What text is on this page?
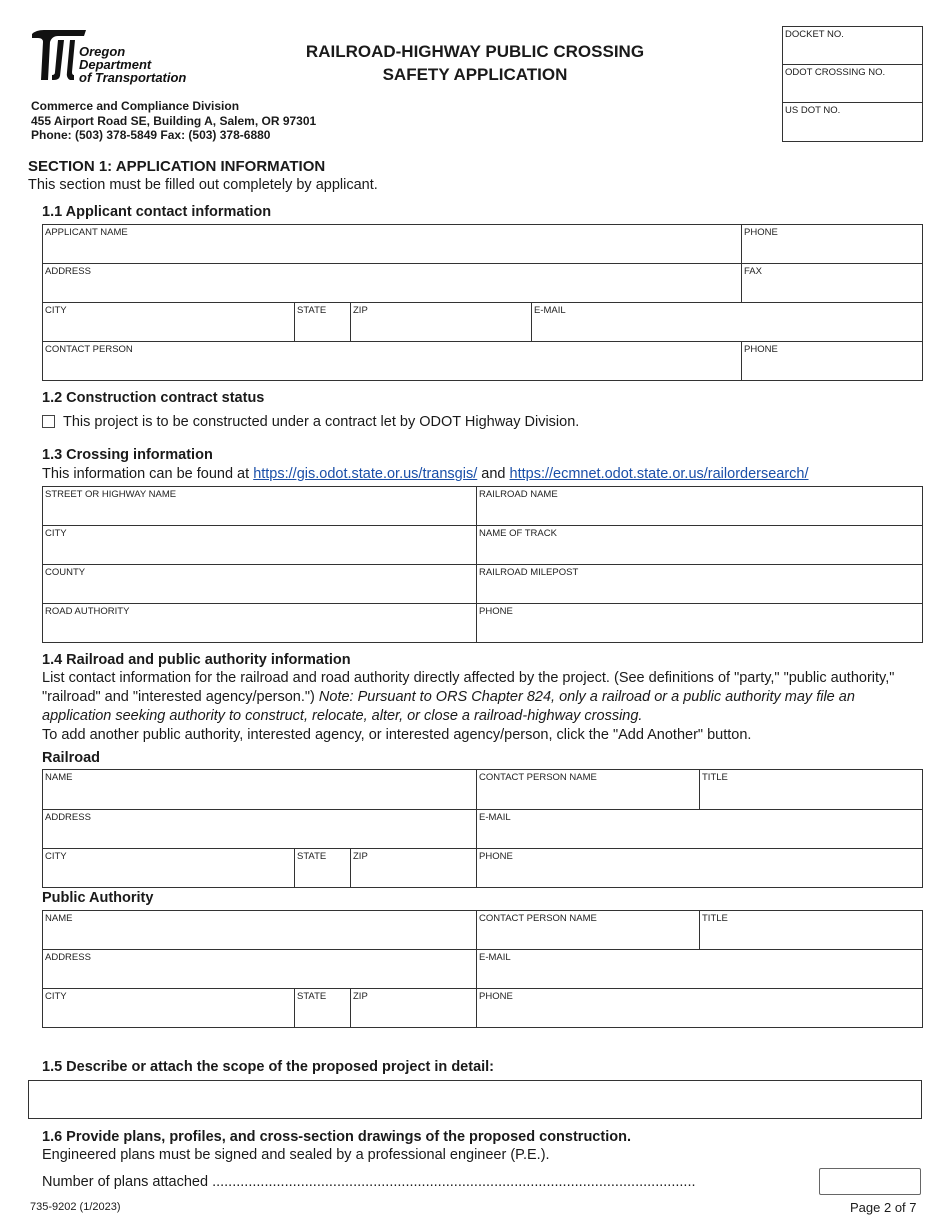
Oregon
Department
of Transportation
RAILROAD-HIGHWAY PUBLIC CROSSING
SAFETY APPLICATION
Commerce and Compliance Division
455 Airport Road SE, Building A, Salem, OR 97301
Phone: (503) 378-5849 Fax: (503) 378-6880
DOCKET NO.
ODOT CROSSING NO.
US DOT NO.
SECTION 1: APPLICATION INFORMATION
This section must be filled out completely by applicant.
1.1 Applicant contact information
APPLICANT NAME	PHONE
ADDRESS	FAX
CITY	STATE	ZIP	E-MAIL
CONTACT PERSON	PHONE
1.2 Construction contract status
This project is to be constructed under a contract let by ODOT Highway Division.
1.3 Crossing information
This information can be found at https://gis.odot.state.or.us/transgis/ and https://ecmnet.odot.state.or.us/railordersearch/
STREET OR HIGHWAY NAME	RAILROAD NAME
CITY	NAME OF TRACK
COUNTY	RAILROAD MILEPOST
ROAD AUTHORITY	PHONE
1.4 Railroad and public authority information
List contact information for the railroad and road authority directly affected by the project. (See definitions of "party," "public authority," "railroad" and "interested agency/person.") Note: Pursuant to ORS Chapter 824, only a railroad or a public authority may file an application seeking authority to construct, relocate, alter, or close a railroad-highway crossing.
To add another public authority, interested agency, or interested agency/person, click the "Add Another" button.
Railroad
NAME	CONTACT PERSON NAME	TITLE
ADDRESS	E-MAIL
CITY	STATE	ZIP	PHONE
Public Authority
NAME	CONTACT PERSON NAME	TITLE
ADDRESS	E-MAIL
CITY	STATE	ZIP	PHONE
1.5 Describe or attach the scope of the proposed project in detail:
1.6 Provide plans, profiles, and cross-section drawings of the proposed construction.
Engineered plans must be signed and sealed by a professional engineer (P.E.).
Number of plans attached ........................................................................................................................
735-9202 (1/2023)	Page 2 of 7
